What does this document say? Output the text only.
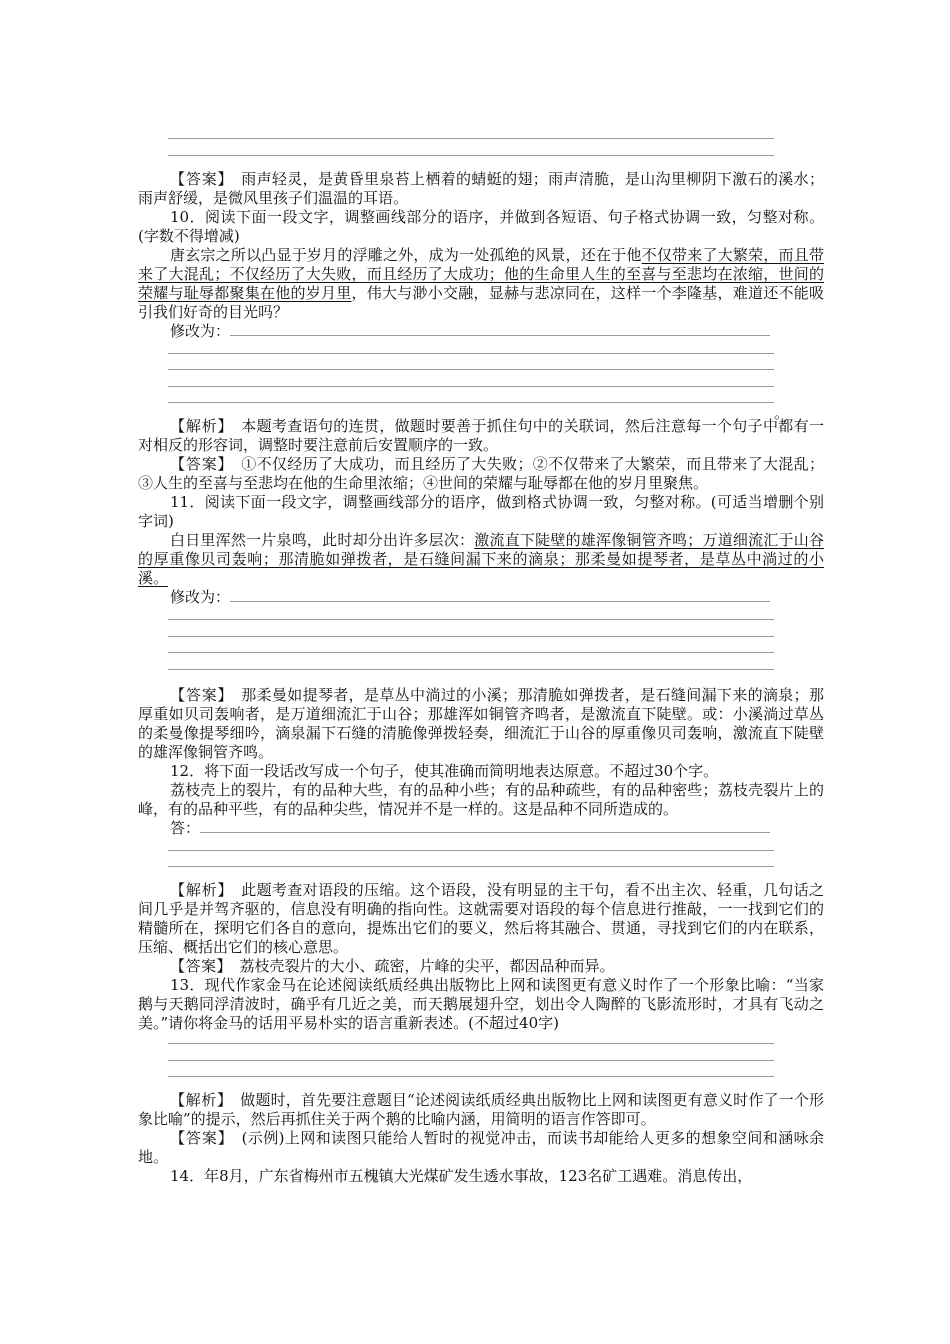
【答案】　雨声轻灵，是黄昏里泉苔上栖着的蜻蜓的翅；雨声清脆，是山沟里柳阴下激石的溪水；雨声舒缓，是微风里孩子们温温的耳语。

10．阅读下面一段文字，调整画线部分的语序，并做到各短语、句子格式协调一致，匀整对称。(字数不得增减)

唐玄宗之所以凸显于岁月的浮雕之外，成为一处孤绝的风景，还在于他不仅带来了大繁荣，而且带来了大混乱；不仅经历了大失败，而且经历了大成功；他的生命里人生的至喜与至悲均在浓缩，世间的荣耀与耻辱都聚集在他的岁月里，伟大与渺小交融，显赫与悲凉同在，这样一个李隆基，难道还不能吸引我们好奇的目光吗？

修改为：

。

【解析】　本题考查语句的连贯，做题时要善于抓住句中的关联词，然后注意每一个句子中都有一对相反的形容词，调整时要注意前后安置顺序的一致。

【答案】　①不仅经历了大成功，而且经历了大失败；②不仅带来了大繁荣，而且带来了大混乱；③人生的至喜与至悲均在他的生命里浓缩；④世间的荣耀与耻辱都在他的岁月里聚焦。

11．阅读下面一段文字，调整画线部分的语序，做到格式协调一致，匀整对称。(可适当增删个别字词)

白日里浑然一片泉鸣，此时却分出许多层次：激流直下陡壁的雄浑像铜管齐鸣；万道细流汇于山谷的厚重像贝司轰响；那清脆如弹拨者，是石缝间漏下来的滴泉；那柔曼如提琴者，是草丛中淌过的小溪。

修改为：

【答案】　那柔曼如提琴者，是草丛中淌过的小溪；那清脆如弹拨者，是石缝间漏下来的滴泉；那厚重如贝司轰响者，是万道细流汇于山谷；那雄浑如铜管齐鸣者，是激流直下陡壁。或：小溪淌过草丛的柔曼像提琴细吟，滴泉漏下石缝的清脆像弹拨轻奏，细流汇于山谷的厚重像贝司轰响，激流直下陡壁的雄浑像铜管齐鸣。

12．将下面一段话改写成一个句子，使其准确而简明地表达原意。不超过30个字。

荔枝壳上的裂片，有的品种大些，有的品种小些；有的品种疏些，有的品种密些；荔枝壳裂片上的峰，有的品种平些，有的品种尖些，情况并不是一样的。这是品种不同所造成的。

答：

【解析】　此题考查对语段的压缩。这个语段，没有明显的主干句，看不出主次、轻重，几句话之间几乎是并驾齐驱的，信息没有明确的指向性。这就需要对语段的每个信息进行推敲，一一找到它们的精髓所在，探明它们各自的意向，提炼出它们的要义，然后将其融合、贯通，寻找到它们的内在联系，压缩、概括出它们的核心意思。

【答案】　荔枝壳裂片的大小、疏密，片峰的尖平，都因品种而异。

13．现代作家金马在论述阅读纸质经典出版物比上网和读图更有意义时作了一个形象比喻：“当家鹅与天鹅同浮清波时，确乎有几近之美，而天鹅展翅升空，划出令人陶醉的飞影流形时，才具有飞动之美。”请你将金马的话用平易朴实的语言重新表述。(不超过40字)

【解析】　做题时，首先要注意题目“论述阅读纸质经典出版物比上网和读图更有意义时作了一个形象比喻”的提示，然后再抓住关于两个鹅的比喻内涵，用简明的语言作答即可。

【答案】　(示例)上网和读图只能给人暂时的视觉冲击，而读书却能给人更多的想象空间和涵咏余地。

14．年8月，广东省梅州市五槐镇大光煤矿发生透水事故，123名矿工遇难。消息传出，
